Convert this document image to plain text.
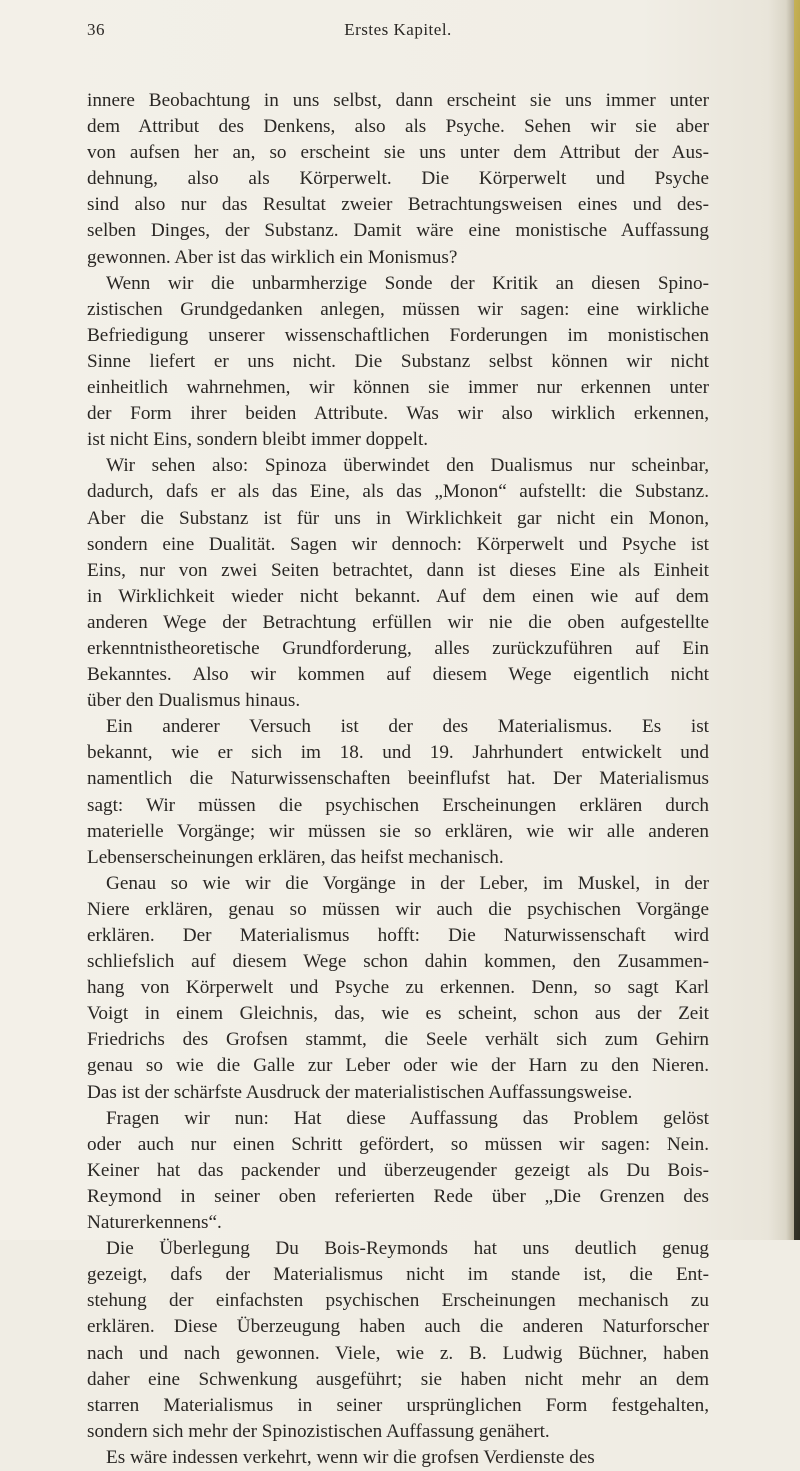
36	Erstes Kapitel.
innere Beobachtung in uns selbst, dann erscheint sie uns immer unter
dem Attribut des Denkens, also als Psyche. Sehen wir sie aber
von aufsen her an, so erscheint sie uns unter dem Attribut der Aus-
dehnung, also als Körperwelt. Die Körperwelt und Psyche
sind also nur das Resultat zweier Betrachtungsweisen eines und des-
selben Dinges, der Substanz. Damit wäre eine monistische Auffassung
gewonnen. Aber ist das wirklich ein Monismus?
Wenn wir die unbarmherzige Sonde der Kritik an diesen Spino-
zistischen Grundgedanken anlegen, müssen wir sagen: eine wirkliche
Befriedigung unserer wissenschaftlichen Forderungen im monistischen
Sinne liefert er uns nicht. Die Substanz selbst können wir nicht
einheitlich wahrnehmen, wir können sie immer nur erkennen unter
der Form ihrer beiden Attribute. Was wir also wirklich erkennen,
ist nicht Eins, sondern bleibt immer doppelt.
Wir sehen also: Spinoza überwindet den Dualismus nur scheinbar,
dadurch, dafs er als das Eine, als das „Monon“ aufstellt: die Substanz.
Aber die Substanz ist für uns in Wirklichkeit gar nicht ein Monon,
sondern eine Dualität. Sagen wir dennoch: Körperwelt und Psyche ist
Eins, nur von zwei Seiten betrachtet, dann ist dieses Eine als Einheit
in Wirklichkeit wieder nicht bekannt. Auf dem einen wie auf dem
anderen Wege der Betrachtung erfüllen wir nie die oben aufgestellte
erkenntnistheoretische Grundforderung, alles zurückzuführen auf Ein
Bekanntes. Also wir kommen auf diesem Wege eigentlich nicht
über den Dualismus hinaus.
Ein anderer Versuch ist der des Materialismus. Es ist
bekannt, wie er sich im 18. und 19. Jahrhundert entwickelt und
namentlich die Naturwissenschaften beeinflufst hat. Der Materialismus
sagt: Wir müssen die psychischen Erscheinungen erklären durch
materielle Vorgänge; wir müssen sie so erklären, wie wir alle anderen
Lebenserscheinungen erklären, das heifst mechanisch.
Genau so wie wir die Vorgänge in der Leber, im Muskel, in der
Niere erklären, genau so müssen wir auch die psychischen Vorgänge
erklären. Der Materialismus hofft: Die Naturwissenschaft wird
schliefslich auf diesem Wege schon dahin kommen, den Zusammen-
hang von Körperwelt und Psyche zu erkennen. Denn, so sagt Karl
Voigt in einem Gleichnis, das, wie es scheint, schon aus der Zeit
Friedrichs des Grofsen stammt, die Seele verhält sich zum Gehirn
genau so wie die Galle zur Leber oder wie der Harn zu den Nieren.
Das ist der schärfste Ausdruck der materialistischen Auffassungsweise.
Fragen wir nun: Hat diese Auffassung das Problem gelöst
oder auch nur einen Schritt gefördert, so müssen wir sagen: Nein.
Keiner hat das packender und überzeugender gezeigt als Du Bois-
Reymond in seiner oben referierten Rede über „Die Grenzen des
Naturerkennens“.
Die Überlegung Du Bois-Reymonds hat uns deutlich genug
gezeigt, dafs der Materialismus nicht im stande ist, die Ent-
stehung der einfachsten psychischen Erscheinungen mechanisch zu
erklären. Diese Überzeugung haben auch die anderen Naturforscher
nach und nach gewonnen. Viele, wie z. B. Ludwig Büchner, haben
daher eine Schwenkung ausgeführt; sie haben nicht mehr an dem
starren Materialismus in seiner ursprünglichen Form festgehalten,
sondern sich mehr der Spinozistischen Auffassung genähert.
Es wäre indessen verkehrt, wenn wir die grofsen Verdienste des
